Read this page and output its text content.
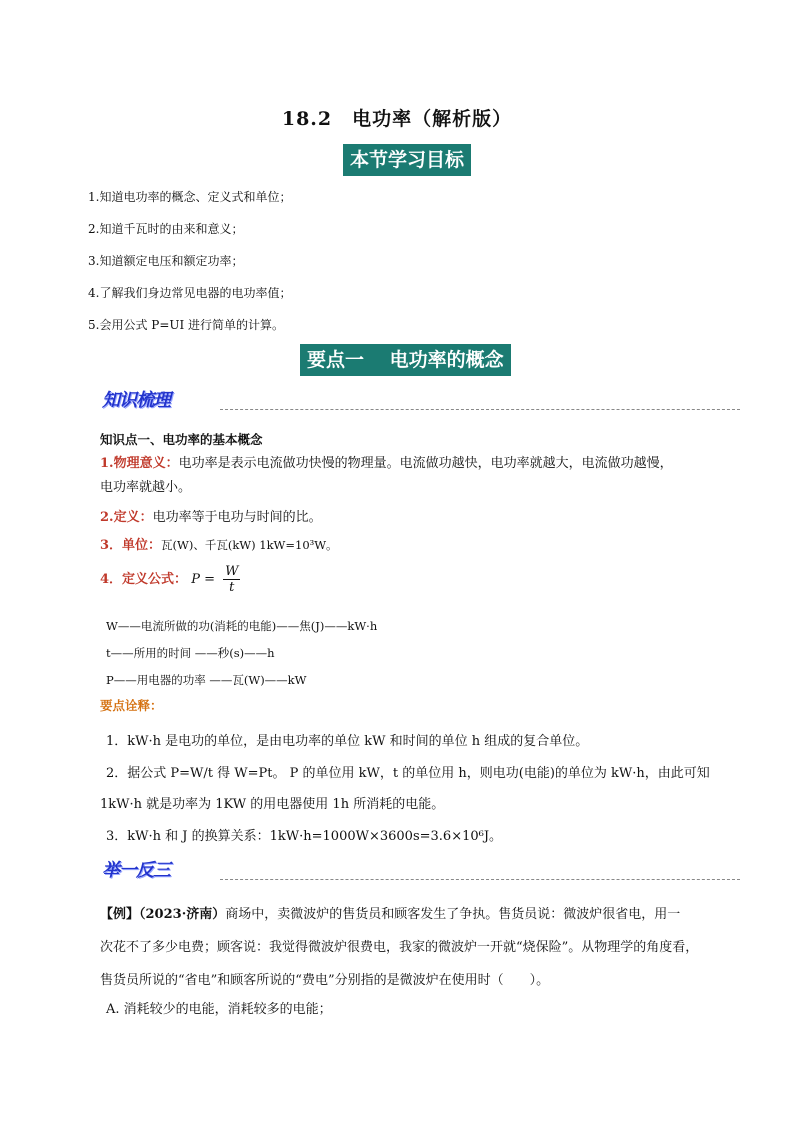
18.2　电功率（解析版）
本节学习目标
1.知道电功率的概念、定义式和单位；
2.知道千瓦时的由来和意义；
3.知道额定电压和额定功率；
4.了解我们身边常见电器的电功率值；
5.会用公式 P=UI 进行简单的计算。
要点一　 电功率的概念
知识梳理
知识点一、电功率的基本概念
1.物理意义：电功率是表示电流做功快慢的物理量。电流做功越快，电功率就越大，电流做功越慢，
电功率就越小。
2.定义：电功率等于电功与时间的比。
3．单位：瓦(W)、千瓦(kW) 1kW=10³W。
4．定义公式： $P = \frac{W}{t}$
W——电流所做的功(消耗的电能)——焦(J)——kW·h
t——所用的时间 ——秒(s)——h
P——用电器的功率 ——瓦(W)——kW
要点诠释：
1．kW·h 是电功的单位，是由电功率的单位 kW 和时间的单位 h 组成的复合单位。
2．据公式 P=W/t 得 W=Pt。 P 的单位用 kW，t 的单位用 h，则电功(电能)的单位为 kW·h，由此可知
1kW·h 就是功率为 1KW 的用电器使用 1h 所消耗的电能。
3．kW·h 和 J 的换算关系：1kW·h=1000W×3600s=3.6×10⁶J。
举一反三
【例】（2023·济南）商场中，卖微波炉的售货员和顾客发生了争执。售货员说：微波炉很省电，用一
次花不了多少电费；顾客说：我觉得微波炉很费电，我家的微波炉一开就“烧保险”。从物理学的角度看，
售货员所说的“省电”和顾客所说的“费电”分别指的是微波炉在使用时（　　）。
A. 消耗较少的电能，消耗较多的电能；
